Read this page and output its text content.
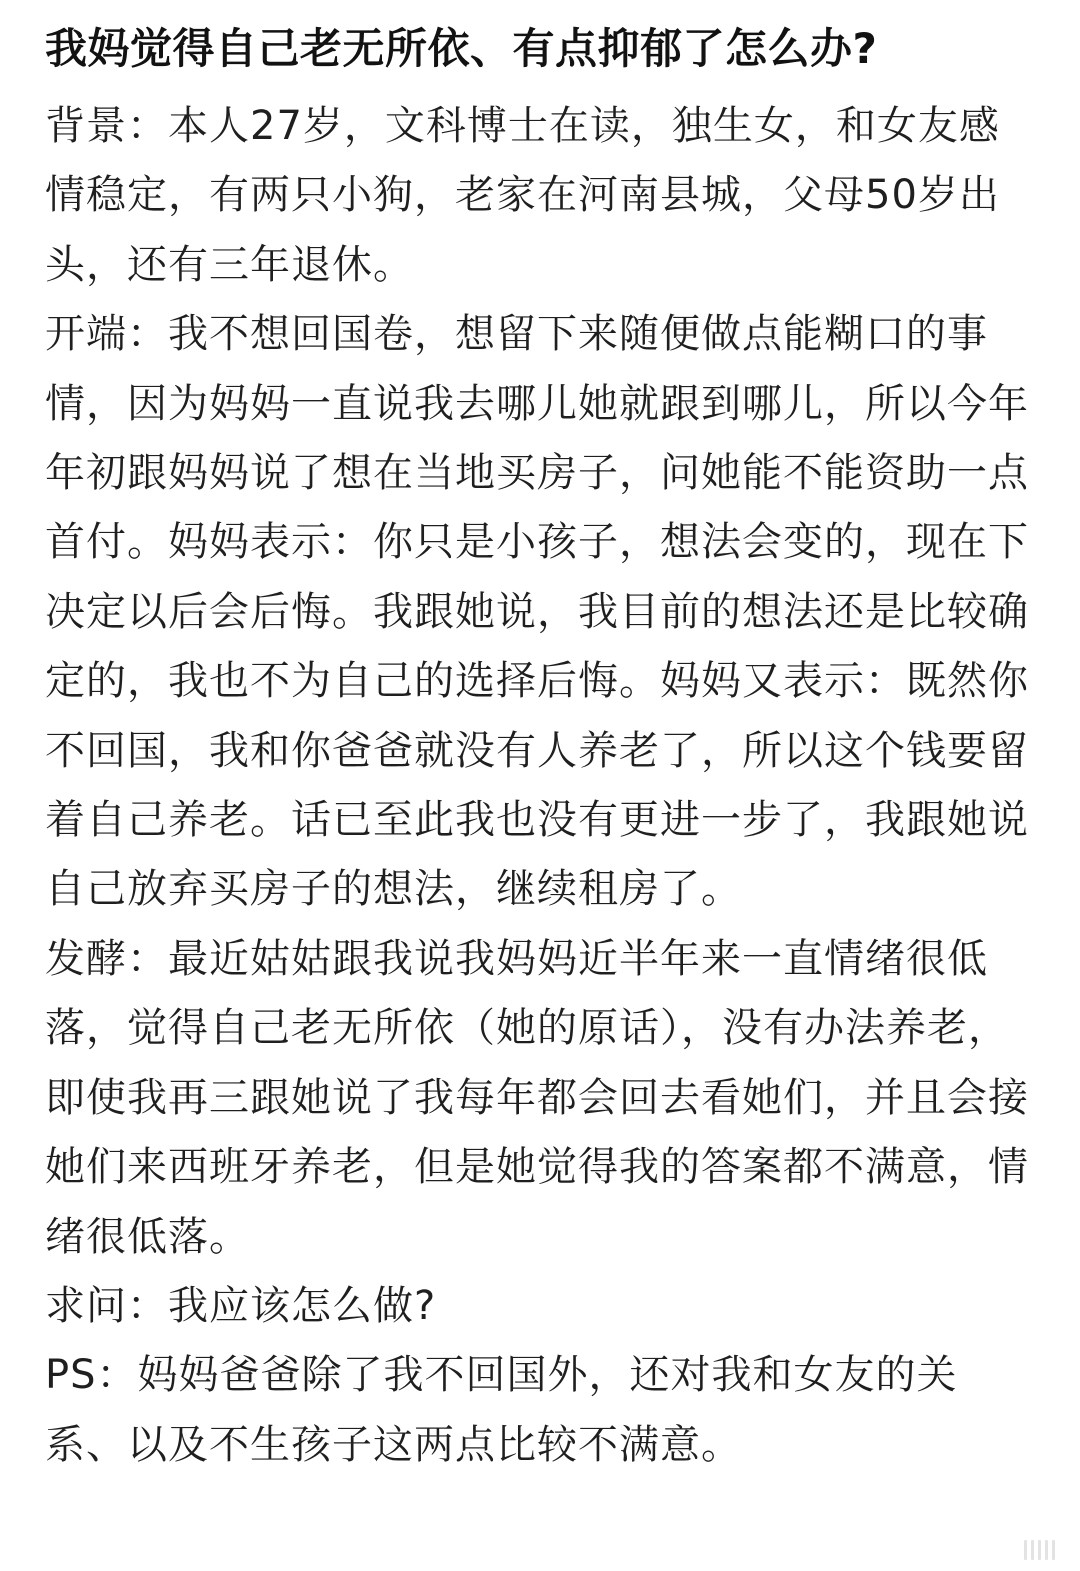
我妈觉得自己老无所依、有点抑郁了怎么办?

背景：本人27岁，文科博士在读，独生女，和女友感情稳定，有两只小狗，老家在河南县城，父母50岁出头，还有三年退休。

开端：我不想回国卷，想留下来随便做点能糊口的事情，因为妈妈一直说我去哪儿她就跟到哪儿，所以今年年初跟妈妈说了想在当地买房子，问她能不能资助一点首付。妈妈表示：你只是小孩子，想法会变的，现在下决定以后会后悔。我跟她说，我目前的想法还是比较确定的，我也不为自己的选择后悔。妈妈又表示：既然你不回国，我和你爸爸就没有人养老了，所以这个钱要留着自己养老。话已至此我也没有更进一步了，我跟她说自己放弃买房子的想法，继续租房了。

发酵：最近姑姑跟我说我妈妈近半年来一直情绪很低落，觉得自己老无所依（她的原话），没有办法养老，即使我再三跟她说了我每年都会回去看她们，并且会接她们来西班牙养老，但是她觉得我的答案都不满意，情绪很低落。

求问：我应该怎么做?

PS：妈妈爸爸除了我不回国外，还对我和女友的关系、以及不生孩子这两点比较不满意。
